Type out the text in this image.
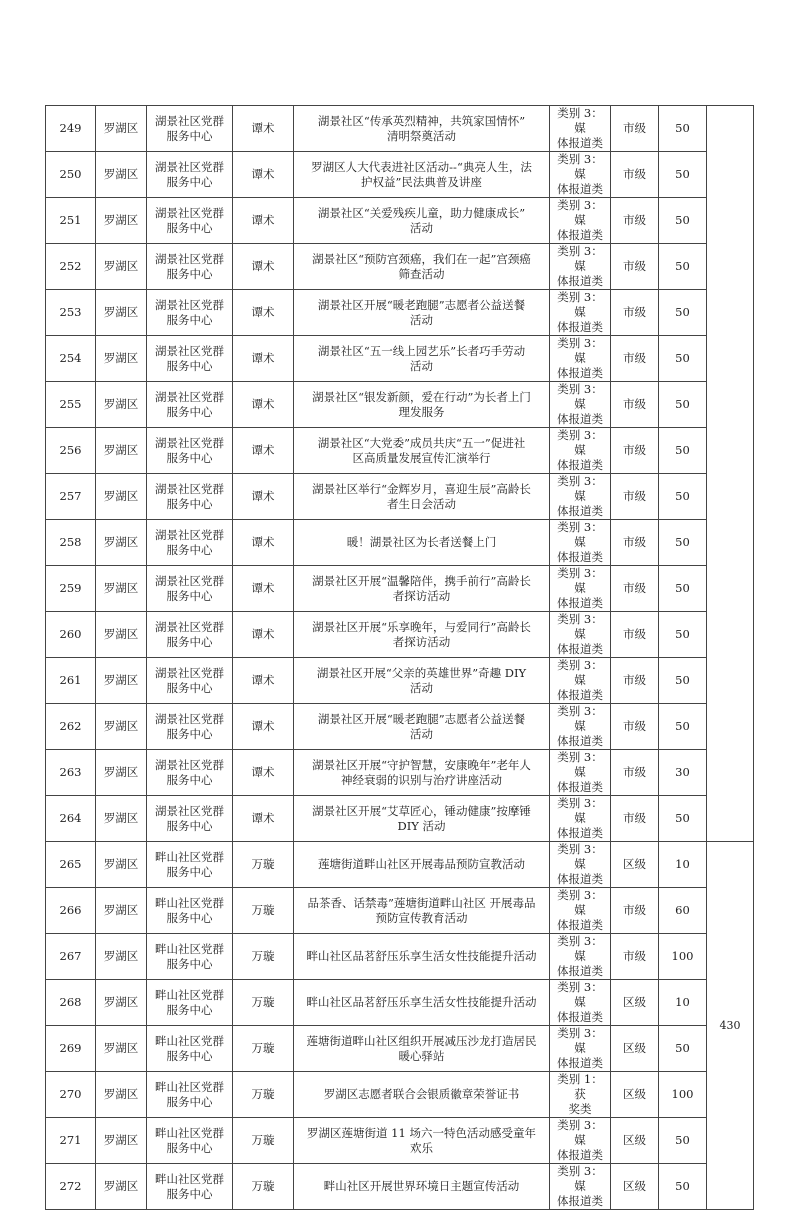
249	罗湖区	湖景社区党群
服务中心	谭术	湖景社区“传承英烈精神，共筑家国情怀”
清明祭奠活动	类别 3：媒
体报道类	市级	50	
250	罗湖区	湖景社区党群
服务中心	谭术	罗湖区人大代表进社区活动--“典亮人生，法
护权益”民法典普及讲座	类别 3：媒
体报道类	市级	50	
251	罗湖区	湖景社区党群
服务中心	谭术	湖景社区“关爱残疾儿童，助力健康成长”
活动	类别 3：媒
体报道类	市级	50	
252	罗湖区	湖景社区党群
服务中心	谭术	湖景社区“预防宫颈癌，我们在一起”宫颈癌
筛查活动	类别 3：媒
体报道类	市级	50	
253	罗湖区	湖景社区党群
服务中心	谭术	湖景社区开展“暖老跑腿”志愿者公益送餐
活动	类别 3：媒
体报道类	市级	50	
254	罗湖区	湖景社区党群
服务中心	谭术	湖景社区“五一线上园艺乐”长者巧手劳动
活动	类别 3：媒
体报道类	市级	50	
255	罗湖区	湖景社区党群
服务中心	谭术	湖景社区“银发新颜，爱在行动”为长者上门
理发服务	类别 3：媒
体报道类	市级	50	
256	罗湖区	湖景社区党群
服务中心	谭术	湖景社区“大党委”成员共庆“五一”促进社
区高质量发展宣传汇演举行	类别 3：媒
体报道类	市级	50	
257	罗湖区	湖景社区党群
服务中心	谭术	湖景社区举行“金辉岁月，喜迎生辰”高龄长
者生日会活动	类别 3：媒
体报道类	市级	50	
258	罗湖区	湖景社区党群
服务中心	谭术	暖！湖景社区为长者送餐上门	类别 3：媒
体报道类	市级	50	
259	罗湖区	湖景社区党群
服务中心	谭术	湖景社区开展“温馨陪伴，携手前行”高龄长
者探访活动	类别 3：媒
体报道类	市级	50	
260	罗湖区	湖景社区党群
服务中心	谭术	湖景社区开展“乐享晚年，与爱同行”高龄长
者探访活动	类别 3：媒
体报道类	市级	50	
261	罗湖区	湖景社区党群
服务中心	谭术	湖景社区开展“父亲的英雄世界”奇趣 DIY
活动	类别 3：媒
体报道类	市级	50	
262	罗湖区	湖景社区党群
服务中心	谭术	湖景社区开展“暖老跑腿”志愿者公益送餐
活动	类别 3：媒
体报道类	市级	50	
263	罗湖区	湖景社区党群
服务中心	谭术	湖景社区开展“守护智慧，安康晚年”老年人
神经衰弱的识别与治疗讲座活动	类别 3：媒
体报道类	市级	30	
264	罗湖区	湖景社区党群
服务中心	谭术	湖景社区开展“艾草匠心，锤动健康”按摩锤
DIY 活动	类别 3：媒
体报道类	市级	50	
265	罗湖区	畔山社区党群
服务中心	万璇	莲塘街道畔山社区开展毒品预防宣教活动	类别 3：媒
体报道类	区级	10	430
266	罗湖区	畔山社区党群
服务中心	万璇	品茶香、话禁毒”莲塘街道畔山社区 开展毒品
预防宣传教育活动	类别 3：媒
体报道类	市级	60	
267	罗湖区	畔山社区党群
服务中心	万璇	畔山社区品茗舒压乐享生活女性技能提升活动	类别 3：媒
体报道类	市级	100	
268	罗湖区	畔山社区党群
服务中心	万璇	畔山社区品茗舒压乐享生活女性技能提升活动	类别 3：媒
体报道类	区级	10	
269	罗湖区	畔山社区党群
服务中心	万璇	莲塘街道畔山社区组织开展减压沙龙打造居民
暖心驿站	类别 3：媒
体报道类	区级	50	
270	罗湖区	畔山社区党群
服务中心	万璇	罗湖区志愿者联合会银质徽章荣誉证书	类别 1：获
奖类	区级	100	
271	罗湖区	畔山社区党群
服务中心	万璇	罗湖区莲塘街道 11 场六一特色活动感受童年
欢乐	类别 3：媒
体报道类	区级	50	
272	罗湖区	畔山社区党群
服务中心	万璇	畔山社区开展世界环境日主题宣传活动	类别 3：媒
体报道类	区级	50	
